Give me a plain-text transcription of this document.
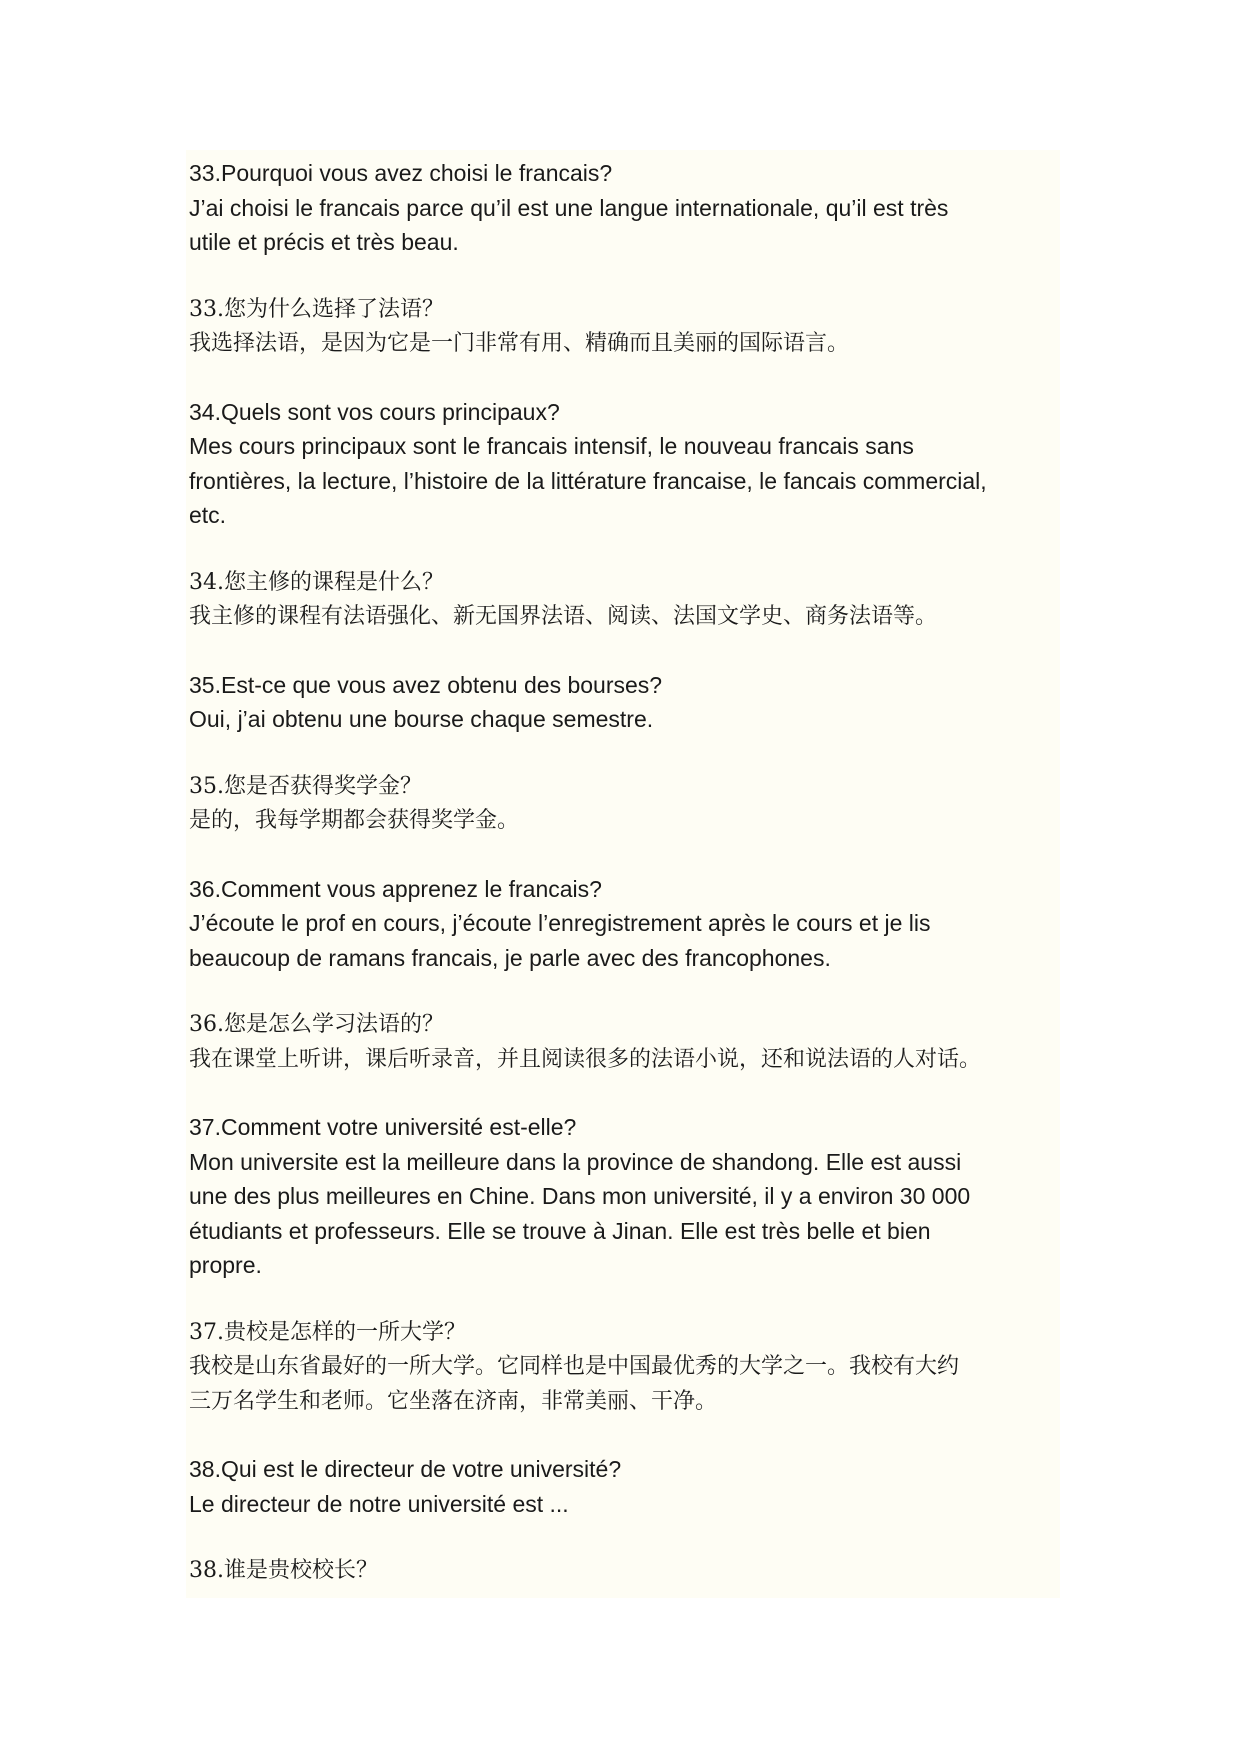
33.Pourquoi vous avez choisi le francais?
J’ai choisi le francais parce qu’il est une langue internationale, qu’il est très
utile et précis et très beau.
33.您为什么选择了法语？
我选择法语，是因为它是一门非常有用、精确而且美丽的国际语言。
34.Quels sont vos cours principaux?
Mes cours principaux sont le francais intensif, le nouveau francais sans
frontières, la lecture, l’histoire de la littérature francaise, le fancais commercial,
etc.
34.您主修的课程是什么？
我主修的课程有法语强化、新无国界法语、阅读、法国文学史、商务法语等。
35.Est-ce que vous avez obtenu des bourses?
Oui, j’ai obtenu une bourse chaque semestre.
35.您是否获得奖学金？
是的，我每学期都会获得奖学金。
36.Comment vous apprenez le francais?
J’écoute le prof en cours, j’écoute l’enregistrement après le cours et je lis
beaucoup de ramans francais, je parle avec des francophones.
36.您是怎么学习法语的？
我在课堂上听讲，课后听录音，并且阅读很多的法语小说，还和说法语的人对话。
37.Comment votre université est-elle?
Mon universite est la meilleure dans la province de shandong. Elle est aussi
une des plus meilleures en Chine. Dans mon université, il y a environ 30 000
étudiants et professeurs. Elle se trouve à Jinan. Elle est très belle et bien
propre.
37.贵校是怎样的一所大学？
我校是山东省最好的一所大学。它同样也是中国最优秀的大学之一。我校有大约
三万名学生和老师。它坐落在济南，非常美丽、干净。
38.Qui est le directeur de votre université?
Le directeur de notre université est ...
38.谁是贵校校长？
